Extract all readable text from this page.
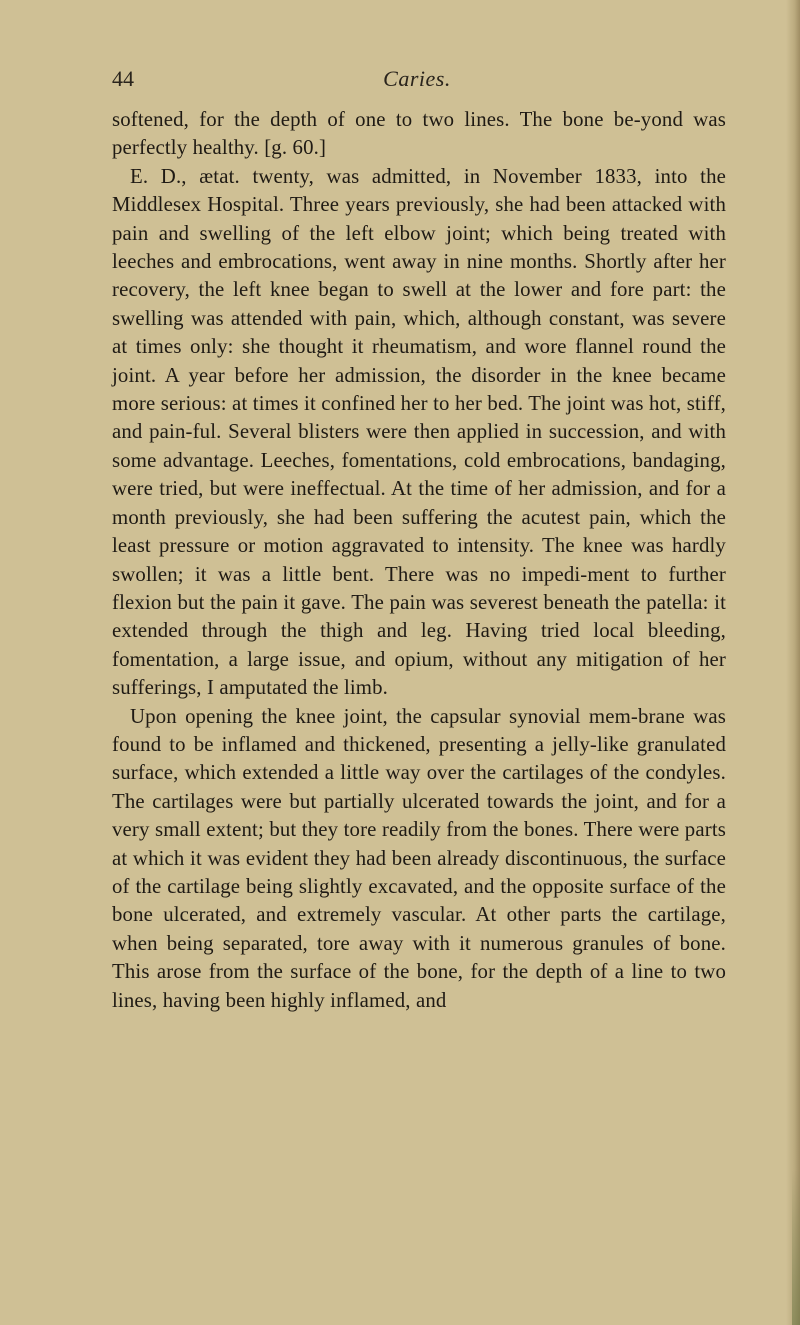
44	Caries.

softened, for the depth of one to two lines. The bone be-yond was perfectly healthy. [g. 60.]

E. D., ætat. twenty, was admitted, in November 1833, into the Middlesex Hospital. Three years previously, she had been attacked with pain and swelling of the left elbow joint; which being treated with leeches and embrocations, went away in nine months. Shortly after her recovery, the left knee began to swell at the lower and fore part: the swelling was attended with pain, which, although constant, was severe at times only: she thought it rheumatism, and wore flannel round the joint. A year before her admission, the disorder in the knee became more serious: at times it confined her to her bed. The joint was hot, stiff, and pain-ful. Several blisters were then applied in succession, and with some advantage. Leeches, fomentations, cold embrocations, bandaging, were tried, but were ineffectual. At the time of her admission, and for a month previously, she had been suffering the acutest pain, which the least pressure or motion aggravated to intensity. The knee was hardly swollen; it was a little bent. There was no impedi-ment to further flexion but the pain it gave. The pain was severest beneath the patella: it extended through the thigh and leg. Having tried local bleeding, fomentation, a large issue, and opium, without any mitigation of her sufferings, I amputated the limb.

Upon opening the knee joint, the capsular synovial mem-brane was found to be inflamed and thickened, presenting a jelly-like granulated surface, which extended a little way over the cartilages of the condyles. The cartilages were but partially ulcerated towards the joint, and for a very small extent; but they tore readily from the bones. There were parts at which it was evident they had been already discontinuous, the surface of the cartilage being slightly excavated, and the opposite surface of the bone ulcerated, and extremely vascular. At other parts the cartilage, when being separated, tore away with it numerous granules of bone. This arose from the surface of the bone, for the depth of a line to two lines, having been highly inflamed, and
